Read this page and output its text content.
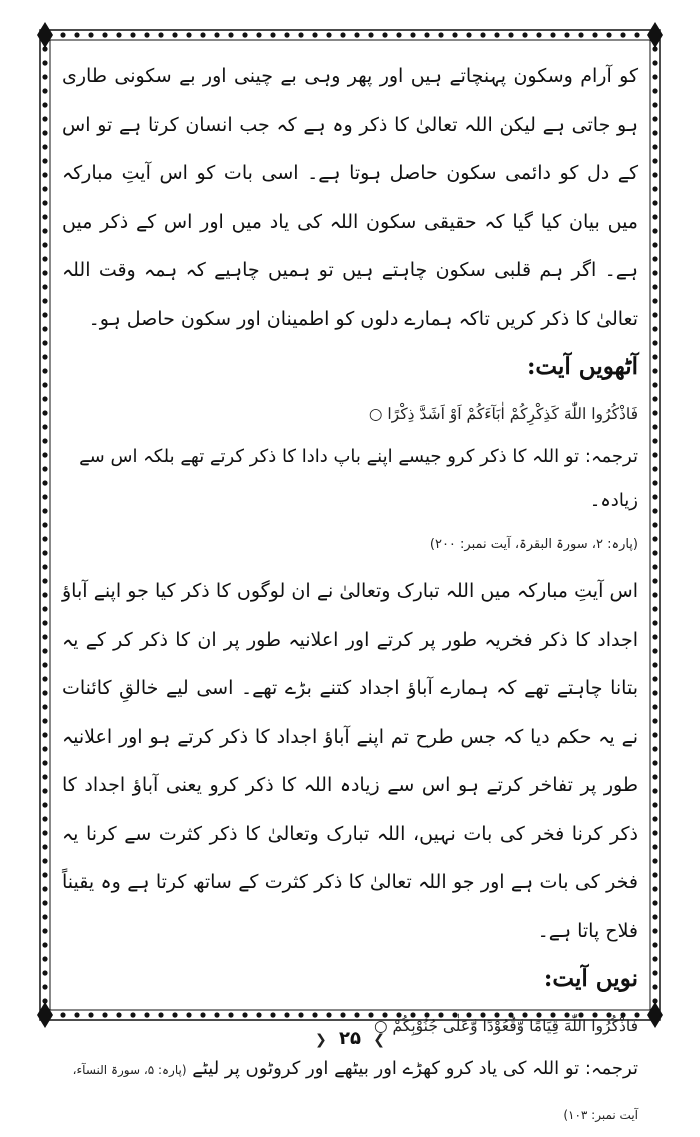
کو آرام وسکون پہنچاتے ہیں اور پھر وہی بے چینی اور بے سکونی طاری ہو جاتی ہے لیکن اللہ تعالیٰ کا ذکر وہ ہے کہ جب انسان کرتا ہے تو اس کے دل کو دائمی سکون حاصل ہوتا ہے۔ اسی بات کو اس آیتِ مبارکہ میں بیان کیا گیا کہ حقیقی سکون اللہ کی یاد میں اور اس کے ذکر میں ہے۔ اگر ہم قلبی سکون چاہتے ہیں تو ہمیں چاہیے کہ ہمہ وقت اللہ تعالیٰ کا ذکر کریں تاکہ ہمارے دلوں کو اطمینان اور سکون حاصل ہو۔

آٹھویں آیت:

فَاذْكُرُوا اللّٰهَ كَذِكْرِكُمْ اٰبَآءَكُمْ اَوْ اَشَدَّ ذِكْرًا ○

ترجمہ: تو اللہ کا ذکر کرو جیسے اپنے باپ دادا کا ذکر کرتے تھے بلکہ اس سے زیادہ۔

(پارہ: ۲، سورۃ البقرۃ، آیت نمبر: ۲۰۰)

اس آیتِ مبارکہ میں اللہ تبارک وتعالیٰ نے ان لوگوں کا ذکر کیا جو اپنے آباؤ اجداد کا ذکر فخریہ طور پر کرتے اور اعلانیہ طور پر ان کا ذکر کر کے یہ بتانا چاہتے تھے کہ ہمارے آباؤ اجداد کتنے بڑے تھے۔ اسی لیے خالقِ کائنات نے یہ حکم دیا کہ جس طرح تم اپنے آباؤ اجداد کا ذکر کرتے ہو اور اعلانیہ طور پر تفاخر کرتے ہو اس سے زیادہ اللہ کا ذکر کرو یعنی آباؤ اجداد کا ذکر کرنا فخر کی بات نہیں، اللہ تبارک وتعالیٰ کا ذکر کثرت سے کرنا یہ فخر کی بات ہے اور جو اللہ تعالیٰ کا ذکر کثرت کے ساتھ کرتا ہے وہ یقیناً فلاح پاتا ہے۔

نویں آیت:

فَاذْكُرُوا اللّٰهَ قِيَامًا وَّقُعُوْدًا وَّعَلٰى جُنُوْبِكُمْ ○

ترجمہ: تو اللہ کی یاد کرو کھڑے اور بیٹھے اور کروٹوں پر لیٹے (پارہ: ۵، سورۃ النسآء، آیت نمبر: ۱۰۳)

❯ ۲۵ ❮
